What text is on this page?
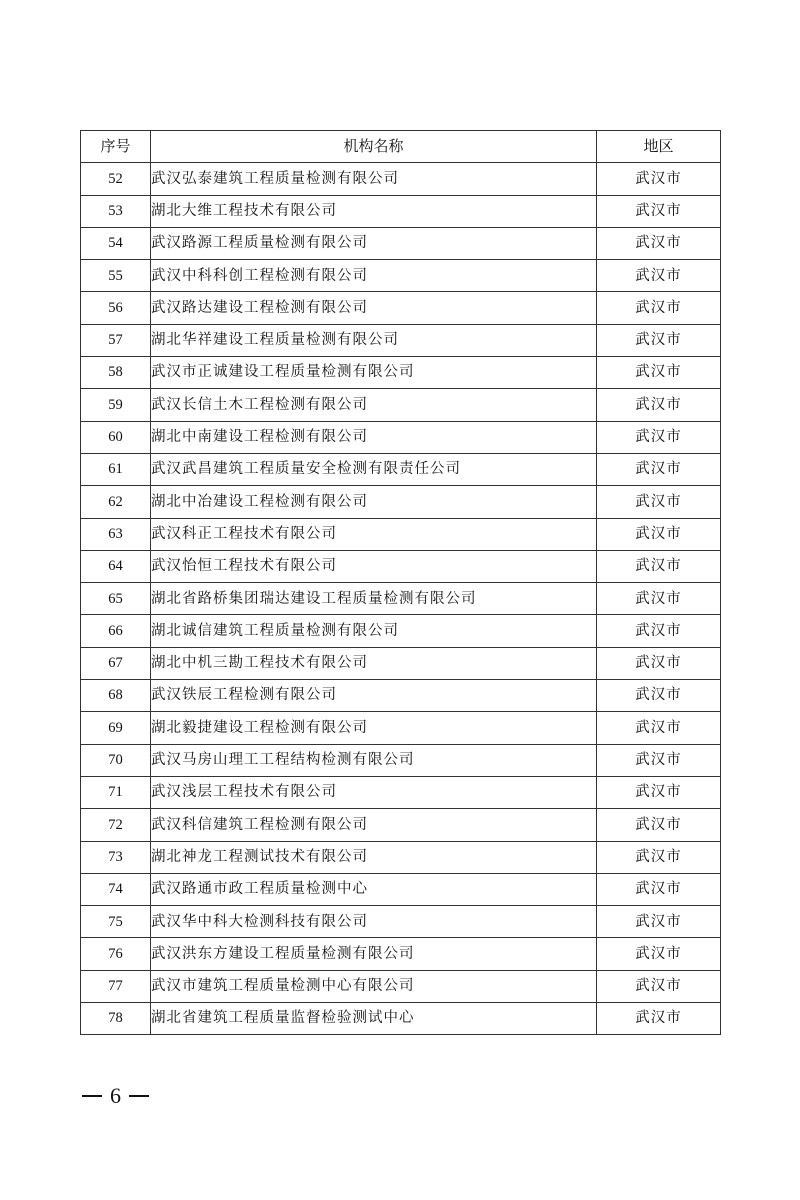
序号	机构名称	地区
52	武汉弘泰建筑工程质量检测有限公司	武汉市
53	湖北大维工程技术有限公司	武汉市
54	武汉路源工程质量检测有限公司	武汉市
55	武汉中科科创工程检测有限公司	武汉市
56	武汉路达建设工程检测有限公司	武汉市
57	湖北华祥建设工程质量检测有限公司	武汉市
58	武汉市正诚建设工程质量检测有限公司	武汉市
59	武汉长信土木工程检测有限公司	武汉市
60	湖北中南建设工程检测有限公司	武汉市
61	武汉武昌建筑工程质量安全检测有限责任公司	武汉市
62	湖北中冶建设工程检测有限公司	武汉市
63	武汉科正工程技术有限公司	武汉市
64	武汉怡恒工程技术有限公司	武汉市
65	湖北省路桥集团瑞达建设工程质量检测有限公司	武汉市
66	湖北诚信建筑工程质量检测有限公司	武汉市
67	湖北中机三勘工程技术有限公司	武汉市
68	武汉铁辰工程检测有限公司	武汉市
69	湖北毅捷建设工程检测有限公司	武汉市
70	武汉马房山理工工程结构检测有限公司	武汉市
71	武汉浅层工程技术有限公司	武汉市
72	武汉科信建筑工程检测有限公司	武汉市
73	湖北神龙工程测试技术有限公司	武汉市
74	武汉路通市政工程质量检测中心	武汉市
75	武汉华中科大检测科技有限公司	武汉市
76	武汉洪东方建设工程质量检测有限公司	武汉市
77	武汉市建筑工程质量检测中心有限公司	武汉市
78	湖北省建筑工程质量监督检验测试中心	武汉市
6
